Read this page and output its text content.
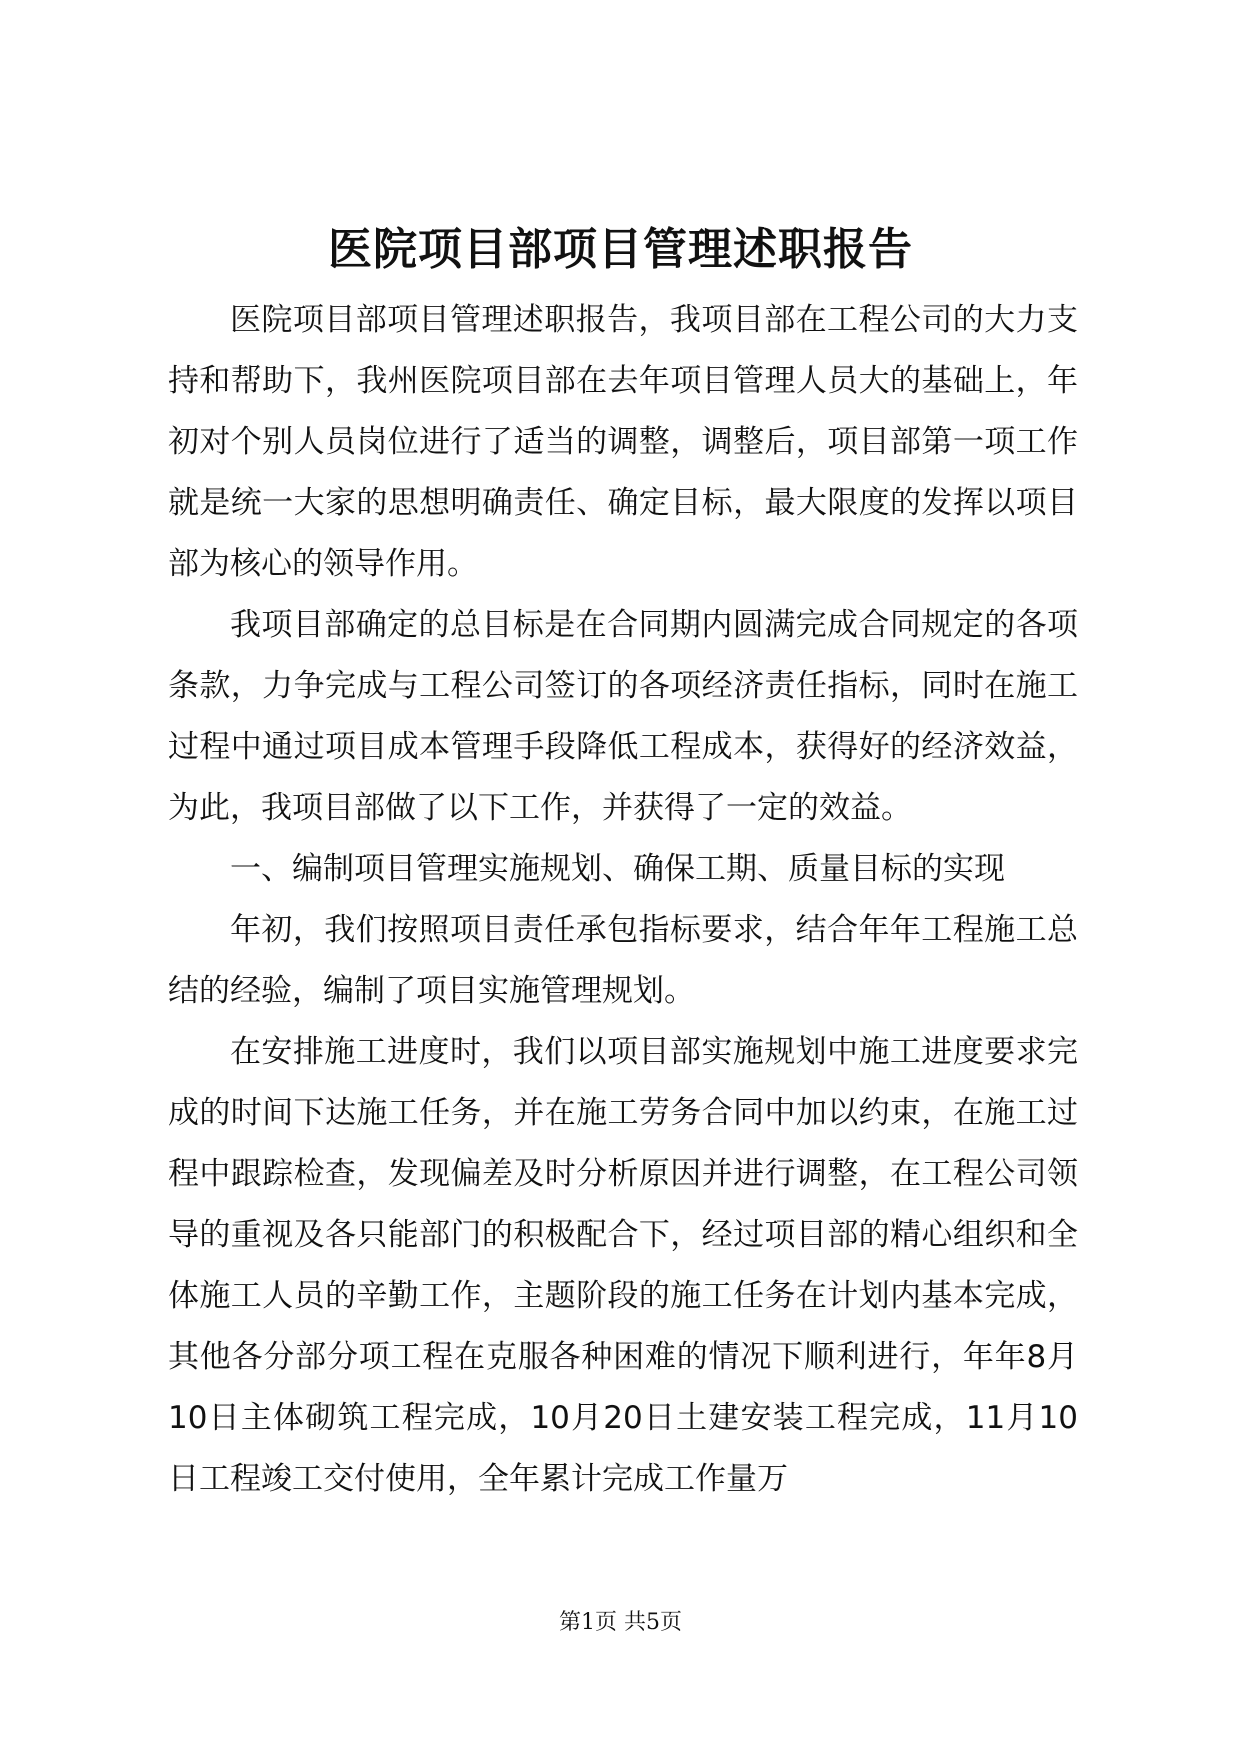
医院项目部项目管理述职报告

医院项目部项目管理述职报告，我项目部在工程公司的大力支持和帮助下，我州医院项目部在去年项目管理人员大的基础上，年初对个别人员岗位进行了适当的调整，调整后，项目部第一项工作就是统一大家的思想明确责任、确定目标，最大限度的发挥以项目部为核心的领导作用。

我项目部确定的总目标是在合同期内圆满完成合同规定的各项条款，力争完成与工程公司签订的各项经济责任指标，同时在施工过程中通过项目成本管理手段降低工程成本，获得好的经济效益，为此，我项目部做了以下工作，并获得了一定的效益。

一、编制项目管理实施规划、确保工期、质量目标的实现

年初，我们按照项目责任承包指标要求，结合年年工程施工总结的经验，编制了项目实施管理规划。

在安排施工进度时，我们以项目部实施规划中施工进度要求完成的时间下达施工任务，并在施工劳务合同中加以约束，在施工过程中跟踪检查，发现偏差及时分析原因并进行调整，在工程公司领导的重视及各只能部门的积极配合下，经过项目部的精心组织和全体施工人员的辛勤工作，主题阶段的施工任务在计划内基本完成，其他各分部分项工程在克服各种困难的情况下顺利进行，年年8月10日主体砌筑工程完成，10月20日土建安装工程完成，11月10日工程竣工交付使用，全年累计完成工作量万

第1页 共5页
